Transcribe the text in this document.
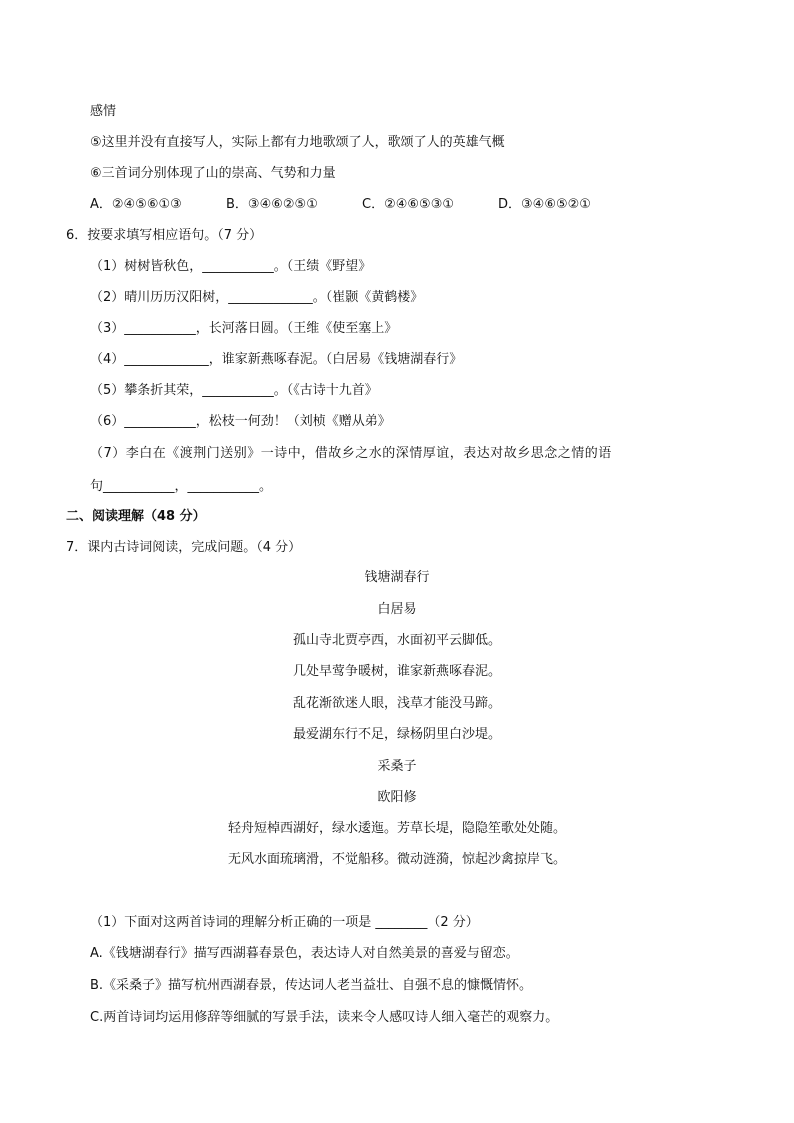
感情
⑤这里并没有直接写人，实际上都有力地歌颂了人，歌颂了人的英雄气概
⑥三首词分别体现了山的崇高、气势和力量
A．②④⑤⑥①③	B．③④⑥②⑤①	C．②④⑥⑤③①	D．③④⑥⑤②①
6．按要求填写相应语句。（7 分）
（1）树树皆秋色，___________。（王绩《野望》
（2）晴川历历汉阳树，_____________。（崔颢《黄鹤楼》
（3）___________，长河落日圆。（王维《使至塞上》
（4）_____________，谁家新燕啄春泥。（白居易《钱塘湖春行》
（5）攀条折其荣，___________。（《古诗十九首》
（6）___________，松枝一何劲！（刘桢《赠从弟》
（7）李白在《渡荆门送别》一诗中，借故乡之水的深情厚谊，表达对故乡思念之情的语
句___________，___________。
二、阅读理解（48 分）
7．课内古诗词阅读，完成问题。（4 分）
钱塘湖春行
白居易
孤山寺北贾亭西，水面初平云脚低。
几处早莺争暖树，谁家新燕啄春泥。
乱花渐欲迷人眼，浅草才能没马蹄。
最爱湖东行不足，绿杨阴里白沙堤。
采桑子
欧阳修
轻舟短棹西湖好，绿水逶迤。芳草长堤，隐隐笙歌处处随。
无风水面琉璃滑，不觉船移。微动涟漪，惊起沙禽掠岸飞。
（1）下面对这两首诗词的理解分析正确的一项是 ________（2 分）
A.《钱塘湖春行》描写西湖暮春景色，表达诗人对自然美景的喜爱与留恋。
B.《采桑子》描写杭州西湖春景，传达词人老当益壮、自强不息的慷慨情怀。
C.两首诗词均运用修辞等细腻的写景手法，读来令人感叹诗人细入毫芒的观察力。
